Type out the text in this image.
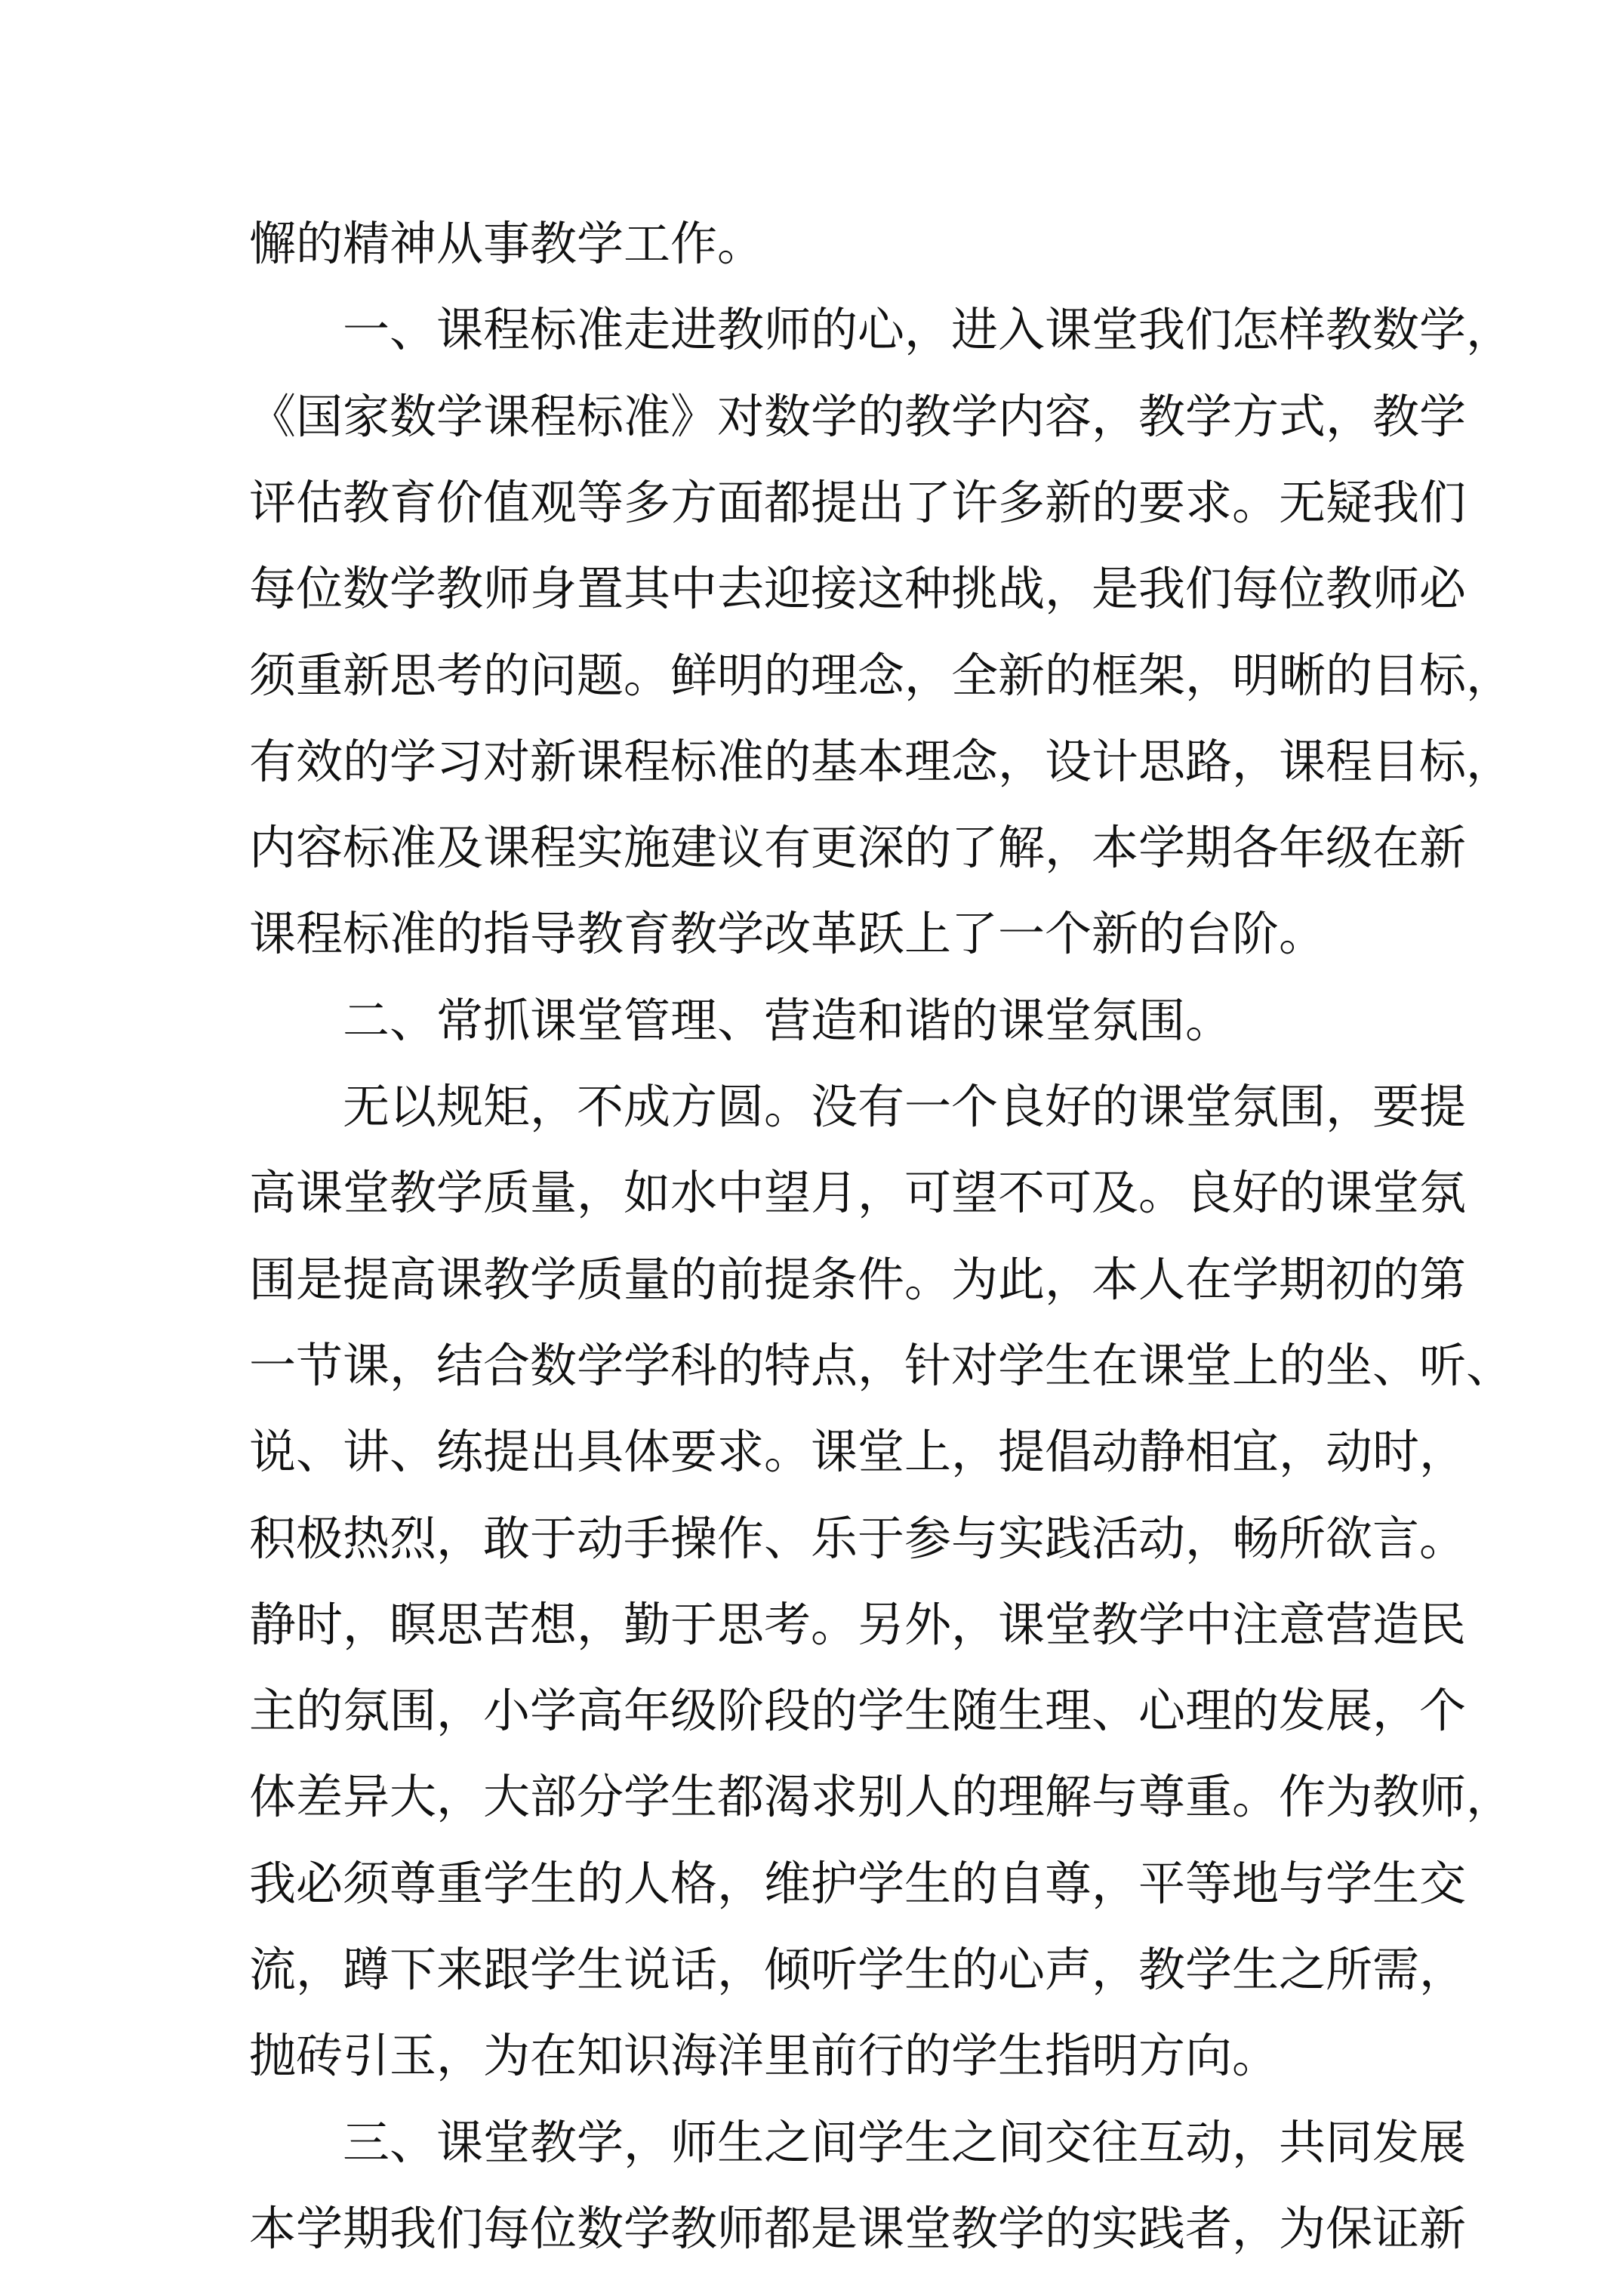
懈的精神从事教学工作。
一、课程标准走进教师的心，进入课堂我们怎样教数学，
《国家数学课程标准》对数学的教学内容，教学方式，教学
评估教育价值观等多方面都提出了许多新的要求。无疑我们
每位数学教师身置其中去迎接这种挑战，是我们每位教师必
须重新思考的问题。鲜明的理念，全新的框架，明晰的目标，
有效的学习对新课程标准的基本理念，设计思路，课程目标，
内容标准及课程实施建议有更深的了解，本学期各年级在新
课程标准的指导教育教学改革跃上了一个新的台阶。
二、常抓课堂管理、营造和谐的课堂氛围。
无以规矩，不成方圆。没有一个良好的课堂氛围，要提
高课堂教学质量，如水中望月，可望不可及。良好的课堂氛
围是提高课教学质量的前提条件。为此，本人在学期初的第
一节课，结合数学学科的特点，针对学生在课堂上的坐、听、
说、讲、练提出具体要求。课堂上，提倡动静相宜，动时，
积极热烈，敢于动手操作、乐于参与实践活动，畅所欲言。
静时，瞑思苦想，勤于思考。另外，课堂教学中注意营造民
主的氛围，小学高年级阶段的学生随生理、心理的发展，个
体差异大，大部分学生都渴求别人的理解与尊重。作为教师，
我必须尊重学生的人格，维护学生的自尊，平等地与学生交
流，蹲下来跟学生说话，倾听学生的心声，教学生之所需，
抛砖引玉，为在知识海洋里前行的学生指明方向。
三、课堂教学，师生之间学生之间交往互动，共同发展
本学期我们每位数学教师都是课堂教学的实践者，为保证新
